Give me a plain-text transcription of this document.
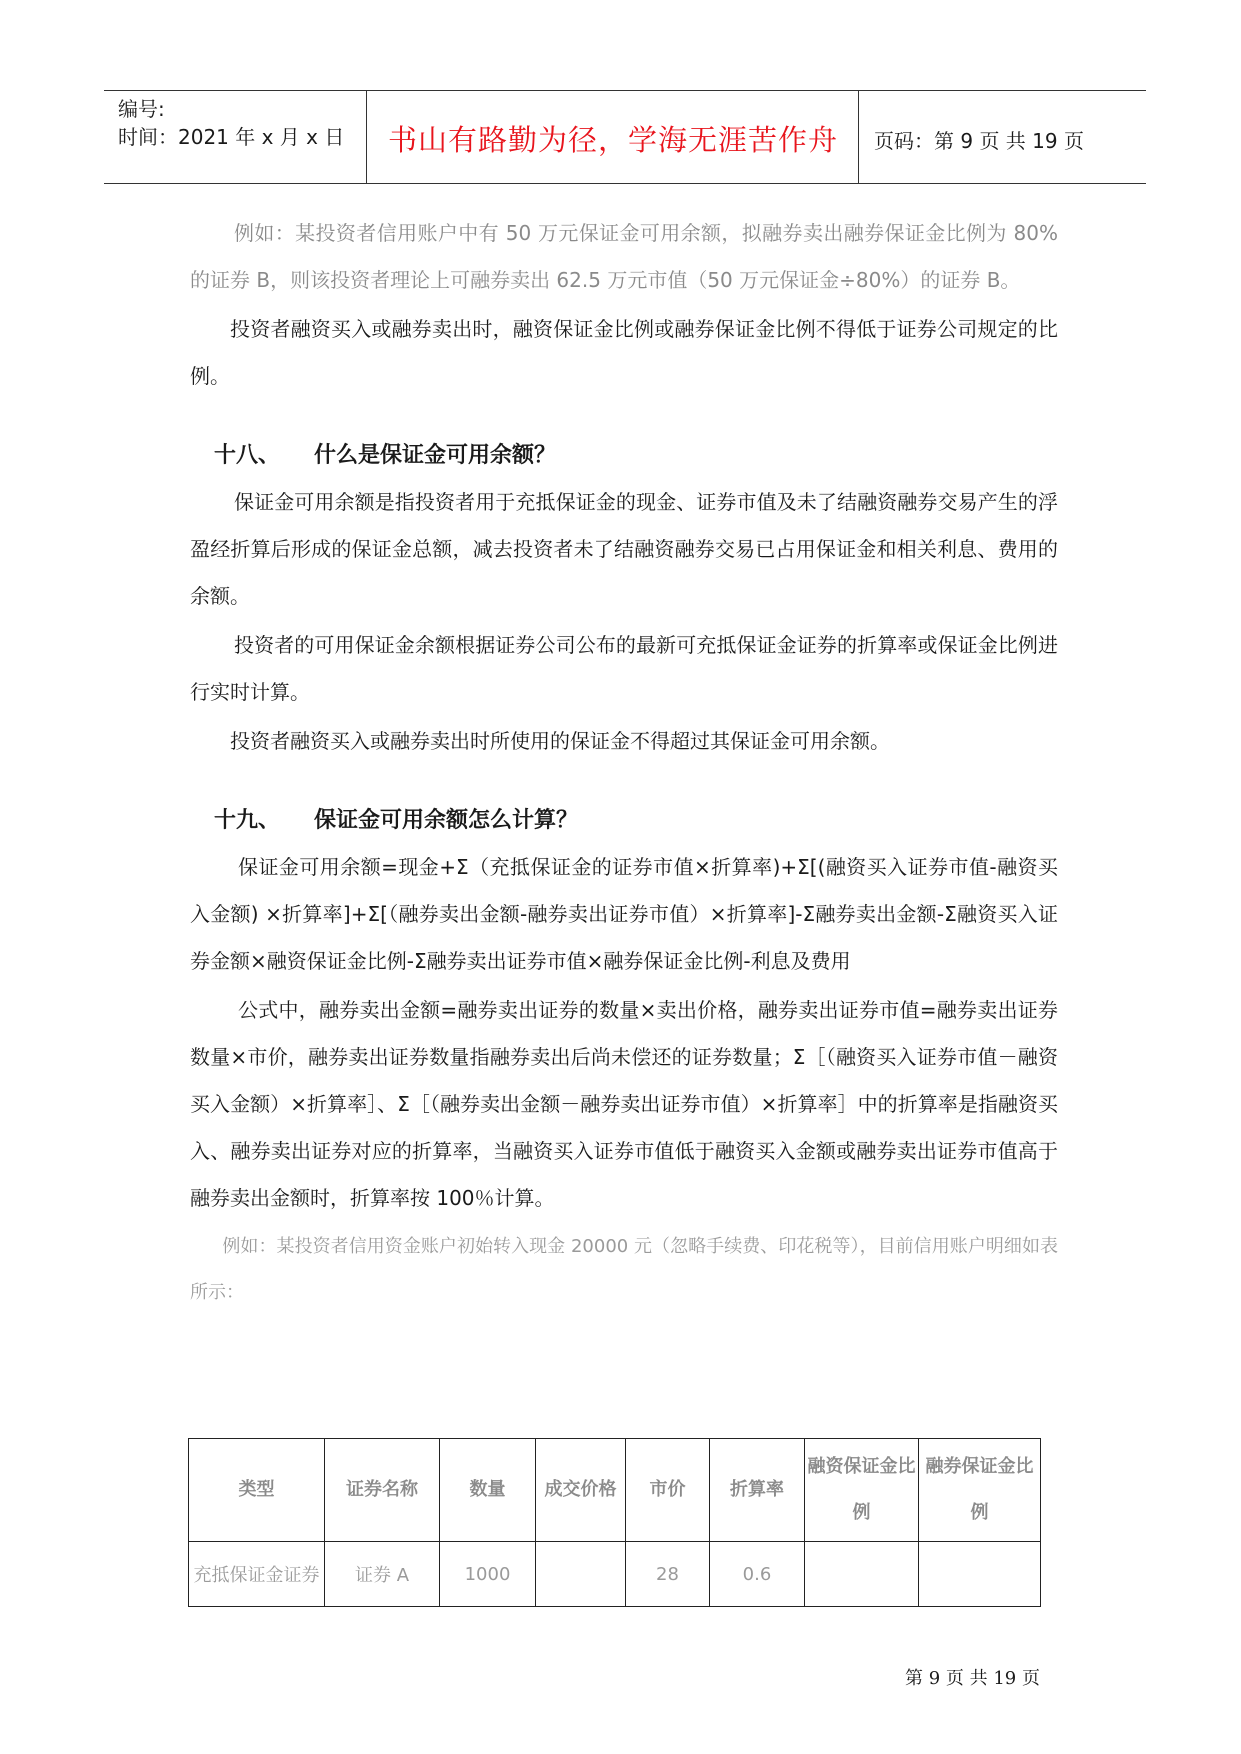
编号:
时间：2021 年 x 月 x 日	书山有路勤为径，学海无涯苦作舟	页码：第 9 页 共 19 页

例如：某投资者信用账户中有 50 万元保证金可用余额，拟融券卖出融券保证金比例为 80%的证券 B，则该投资者理论上可融券卖出 62.5 万元市值（50 万元保证金÷80%）的证券 B。

投资者融资买入或融券卖出时，融资保证金比例或融券保证金比例不得低于证券公司规定的比例。

十八、 什么是保证金可用余额？

保证金可用余额是指投资者用于充抵保证金的现金、证券市值及未了结融资融券交易产生的浮盈经折算后形成的保证金总额，减去投资者未了结融资融券交易已占用保证金和相关利息、费用的余额。

投资者的可用保证金余额根据证券公司公布的最新可充抵保证金证券的折算率或保证金比例进行实时计算。

投资者融资买入或融券卖出时所使用的保证金不得超过其保证金可用余额。

十九、 保证金可用余额怎么计算？

保证金可用余额=现金+Σ（充抵保证金的证券市值×折算率)+Σ[(融资买入证券市值-融资买入金额) ×折算率]+Σ[（融券卖出金额-融券卖出证券市值）×折算率]-Σ融券卖出金额-Σ融资买入证券金额×融资保证金比例-Σ融券卖出证券市值×融券保证金比例-利息及费用

公式中，融券卖出金额=融券卖出证券的数量×卖出价格，融券卖出证券市值=融券卖出证券数量×市价，融券卖出证券数量指融券卖出后尚未偿还的证券数量；Σ［（融资买入证券市值－融资买入金额）×折算率］、Σ［（融券卖出金额－融券卖出证券市值）×折算率］中的折算率是指融资买入、融券卖出证券对应的折算率，当融资买入证券市值低于融资买入金额或融券卖出证券市值高于融券卖出金额时，折算率按 100％计算。

例如：某投资者信用资金账户初始转入现金 20000 元（忽略手续费、印花税等），目前信用账户明细如表所示：

类型	证券名称	数量	成交价格	市价	折算率	融资保证金比例	融券保证金比例
充抵保证金证券	证券 A	1000		28	0.6		
第 9 页 共 19 页
